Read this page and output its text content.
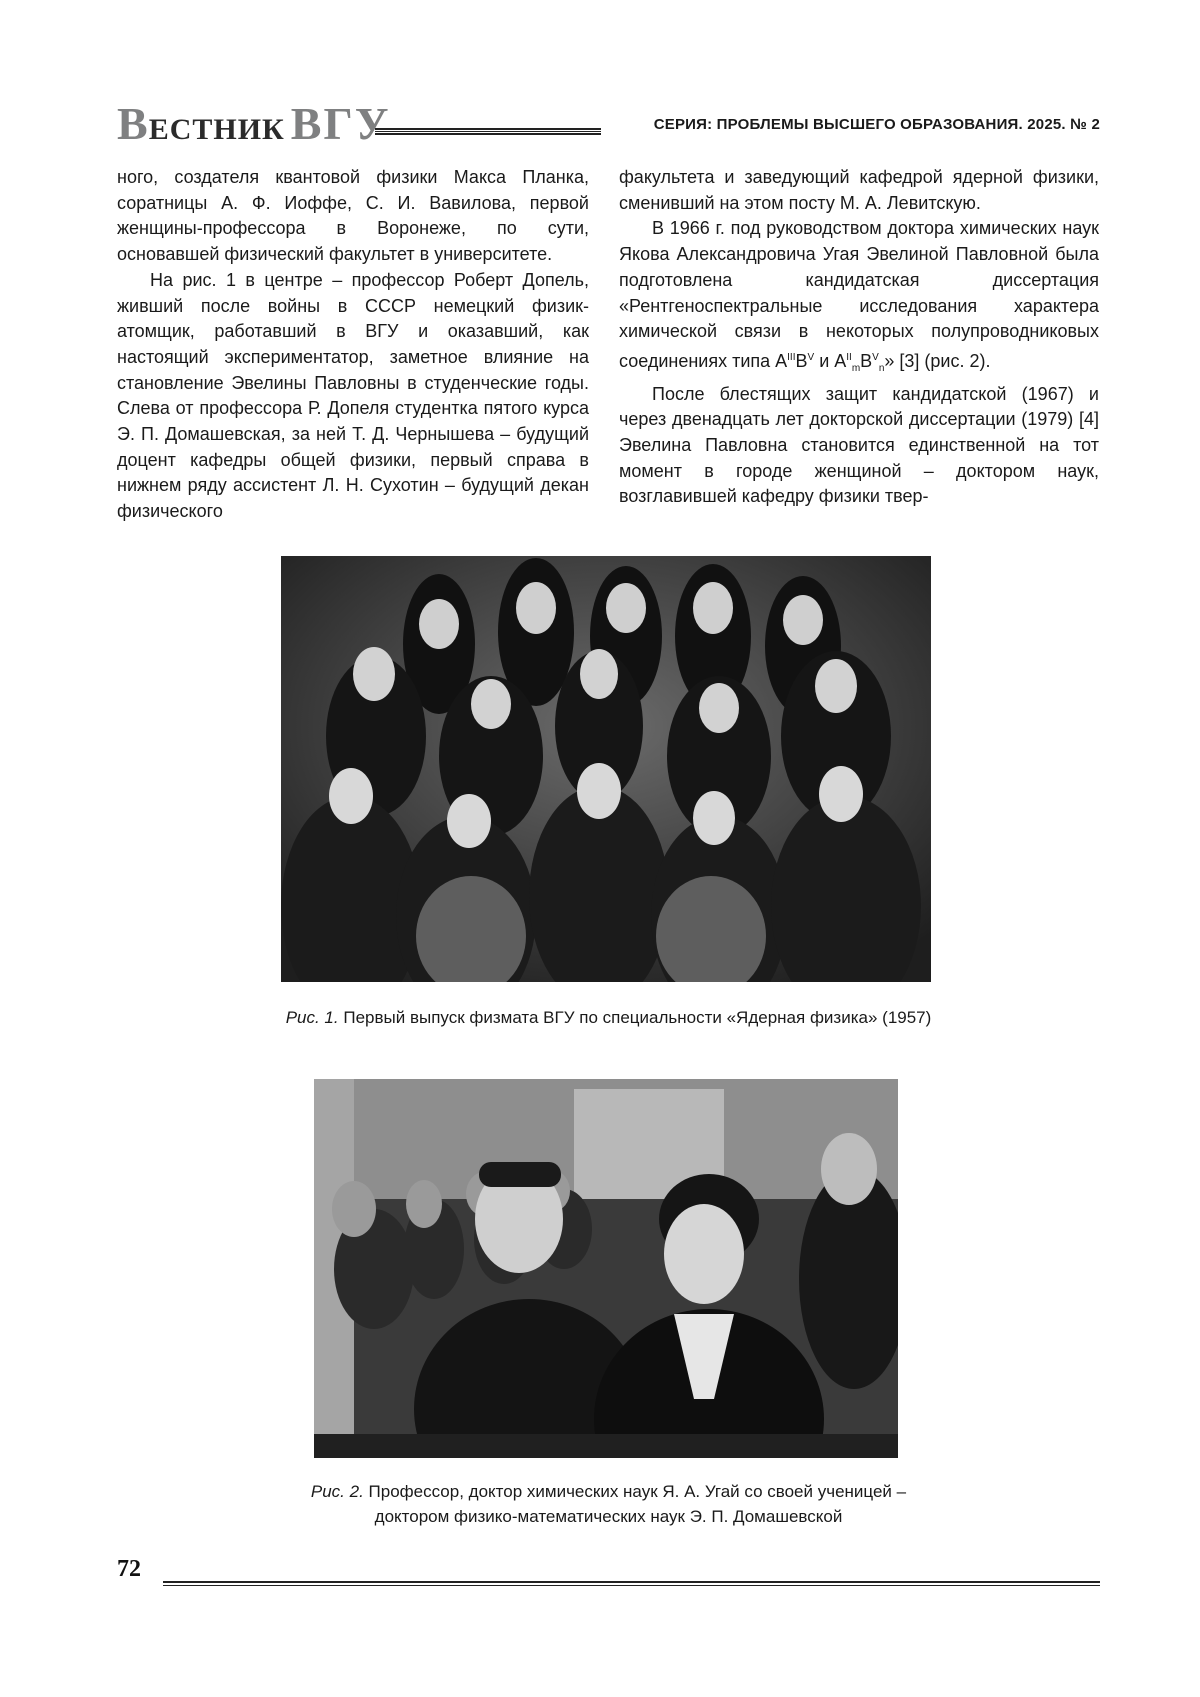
ВЕСТНИК ВГУ	СЕРИЯ: ПРОБЛЕМЫ ВЫСШЕГО ОБРАЗОВАНИЯ. 2025. № 2

ного, создателя квантовой физики Макса Планка, соратницы А. Ф. Иоффе, С. И. Вавилова, первой женщины-профессора в Воронеже, по сути, основавшей физический факультет в университете.

На рис. 1 в центре – профессор Роберт Допель, живший после войны в СССР немецкий физик-атомщик, работавший в ВГУ и оказавший, как настоящий экспериментатор, заметное влияние на становление Эвелины Павловны в студенческие годы. Слева от профессора Р. Допеля студентка пятого курса Э. П. Домашевская, за ней Т. Д. Чернышева – будущий доцент кафедры общей физики, первый справа в нижнем ряду ассистент Л. Н. Сухотин – будущий декан физического

факультета и заведующий кафедрой ядерной физики, сменивший на этом посту М. А. Левитскую.

В 1966 г. под руководством доктора химических наук Якова Александровича Угая Эвелиной Павловной была подготовлена кандидатская диссертация «Рентгеноспектральные исследования характера химической связи в некоторых полупроводниковых соединениях типа AIIIBV и AIImBVn» [3] (рис. 2).

После блестящих защит кандидатской (1967) и через двенадцать лет докторской диссертации (1979) [4] Эвелина Павловна становится единственной на тот момент в городе женщиной – доктором наук, возглавившей кафедру физики твер-

Рис. 1. Первый выпуск физмата ВГУ по специальности «Ядерная физика» (1957)
Рис. 2. Профессор, доктор химических наук Я. А. Угай со своей ученицей –
доктором физико-математических наук Э. П. Домашевской
72
